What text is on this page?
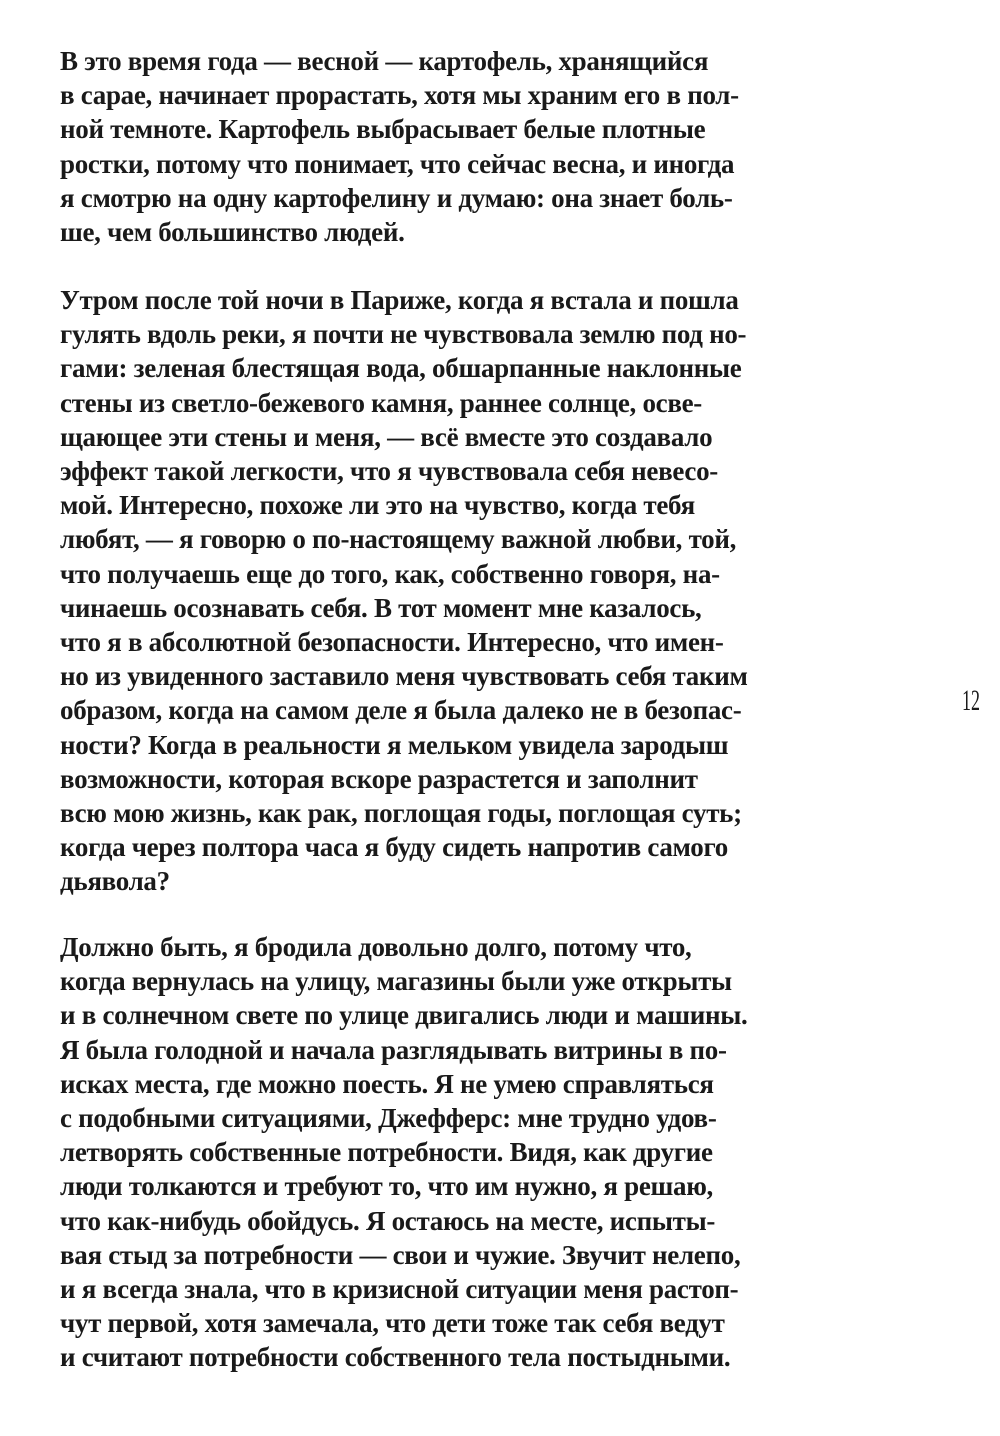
В это время года — весной — картофель, хранящийся
в сарае, начинает прорастать, хотя мы храним его в пол-
ной темноте. Картофель выбрасывает белые плотные
ростки, потому что понимает, что сейчас весна, и иногда
я смотрю на одну картофелину и думаю: она знает боль-
ше, чем большинство людей.
Утром после той ночи в Париже, когда я встала и пошла
гулять вдоль реки, я почти не чувствовала землю под но-
гами: зеленая блестящая вода, обшарпанные наклонные
стены из светло-бежевого камня, раннее солнце, осве-
щающее эти стены и меня, — всё вместе это создавало
эффект такой легкости, что я чувствовала себя невесо-
мой. Интересно, похоже ли это на чувство, когда тебя
любят, — я говорю о по-настоящему важной любви, той,
что получаешь еще до того, как, собственно говоря, на-
чинаешь осознавать себя. В тот момент мне казалось,
что я в абсолютной безопасности. Интересно, что имен-
но из увиденного заставило меня чувствовать себя таким
образом, когда на самом деле я была далеко не в безопас-
ности? Когда в реальности я мельком увидела зародыш
возможности, которая вскоре разрастется и заполнит
всю мою жизнь, как рак, поглощая годы, поглощая суть;
когда через полтора часа я буду сидеть напротив самого
дьявола?
Должно быть, я бродила довольно долго, потому что,
когда вернулась на улицу, магазины были уже открыты
и в солнечном свете по улице двигались люди и машины.
Я была голодной и начала разглядывать витрины в по-
исках места, где можно поесть. Я не умею справляться
с подобными ситуациями, Джефферс: мне трудно удов-
летворять собственные потребности. Видя, как другие
люди толкаются и требуют то, что им нужно, я решаю,
что как-нибудь обойдусь. Я остаюсь на месте, испыты-
вая стыд за потребности — свои и чужие. Звучит нелепо,
и я всегда знала, что в кризисной ситуации меня растоп-
чут первой, хотя замечала, что дети тоже так себя ведут
и считают потребности собственного тела постыдными.
12
